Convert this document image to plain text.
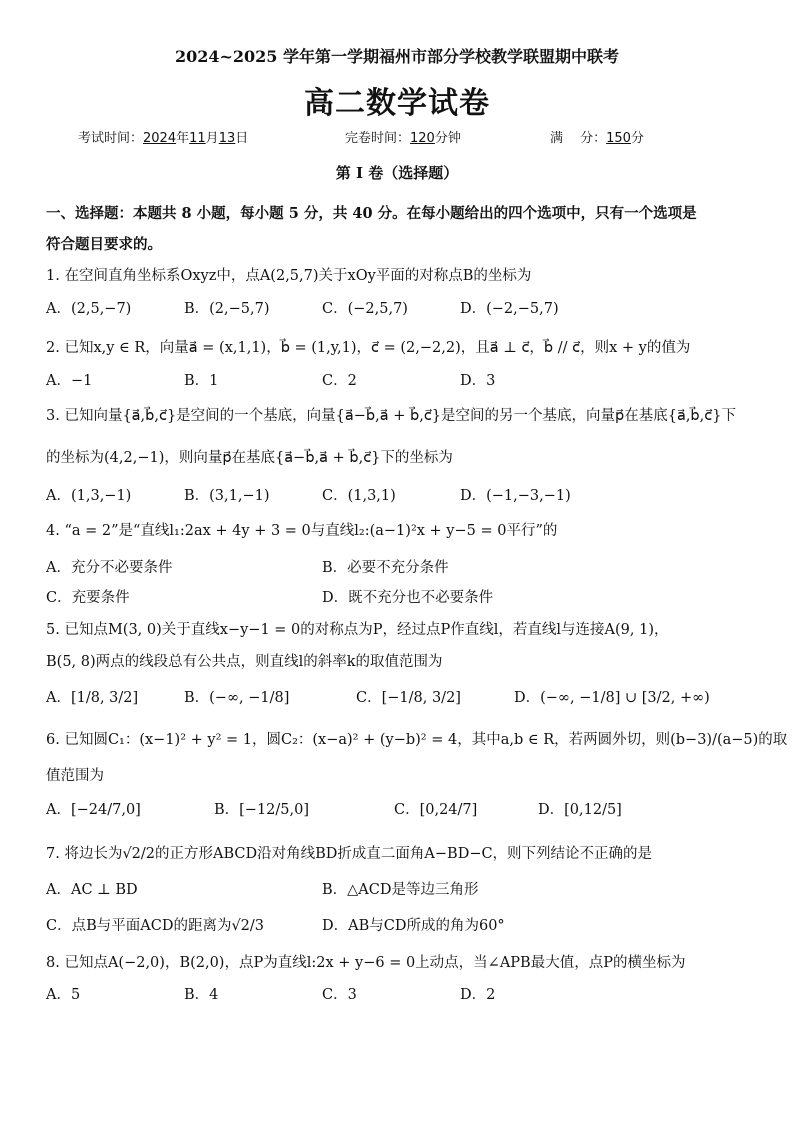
2024~2025 学年第一学期福州市部分学校教学联盟期中联考
高二数学试卷
考试时间：2024年11月13日	完卷时间：120分钟	满　 分：150分
第 I 卷（选择题）
一、选择题：本题共 8 小题，每小题 5 分，共 40 分。在每小题给出的四个选项中，只有一个选项是
符合题目要求的。
1. 在空间直角坐标系Oxyz中，点A(2,5,7)关于xOy平面的对称点B的坐标为
A．(2,5,−7)	B．(2,−5,7)	C．(−2,5,7)	D．(−2,−5,7)
2. 已知x,y ∈ R，向量a⃗ = (x,1,1)，b⃗ = (1,y,1)，c⃗ = (2,−2,2)，且a⃗ ⊥ c⃗，b⃗ // c⃗，则x + y的值为
A．−1	B．1	C．2	D．3
3. 已知向量{a⃗,b⃗,c⃗}是空间的一个基底，向量{a⃗−b⃗,a⃗ + b⃗,c⃗}是空间的另一个基底，向量p⃗在基底{a⃗,b⃗,c⃗}下
的坐标为(4,2,−1)，则向量p⃗在基底{a⃗−b⃗,a⃗ + b⃗,c⃗}下的坐标为
A．(1,3,−1)	B．(3,1,−1)	C．(1,3,1)	D．(−1,−3,−1)
4. “a = 2”是“直线l₁:2ax + 4y + 3 = 0与直线l₂:(a−1)²x + y−5 = 0平行”的
A．充分不必要条件	B．必要不充分条件
C．充要条件	D．既不充分也不必要条件
5. 已知点M(3, 0)关于直线x−y−1 = 0的对称点为P，经过点P作直线l，若直线l与连接A(9, 1)，
B(5, 8)两点的线段总有公共点，则直线l的斜率k的取值范围为
A．[1/8, 3/2]	B．(−∞, −1/8]	C．[−1/8, 3/2]	D．(−∞, −1/8] ∪ [3/2, +∞)
6. 已知圆C₁：(x−1)² + y² = 1，圆C₂：(x−a)² + (y−b)² = 4，其中a,b ∈ R，若两圆外切，则(b−3)/(a−5)的取
值范围为
A．[−24/7,0]	B．[−12/5,0]	C．[0,24/7]	D．[0,12/5]
7. 将边长为√2/2的正方形ABCD沿对角线BD折成直二面角A−BD−C，则下列结论不正确的是
A．AC ⊥ BD	B．△ACD是等边三角形
C．点B与平面ACD的距离为√2/3	D．AB与CD所成的角为60°
8. 已知点A(−2,0)，B(2,0)，点P为直线l:2x + y−6 = 0上动点，当∠APB最大值，点P的横坐标为
A．5	B．4	C．3	D．2
